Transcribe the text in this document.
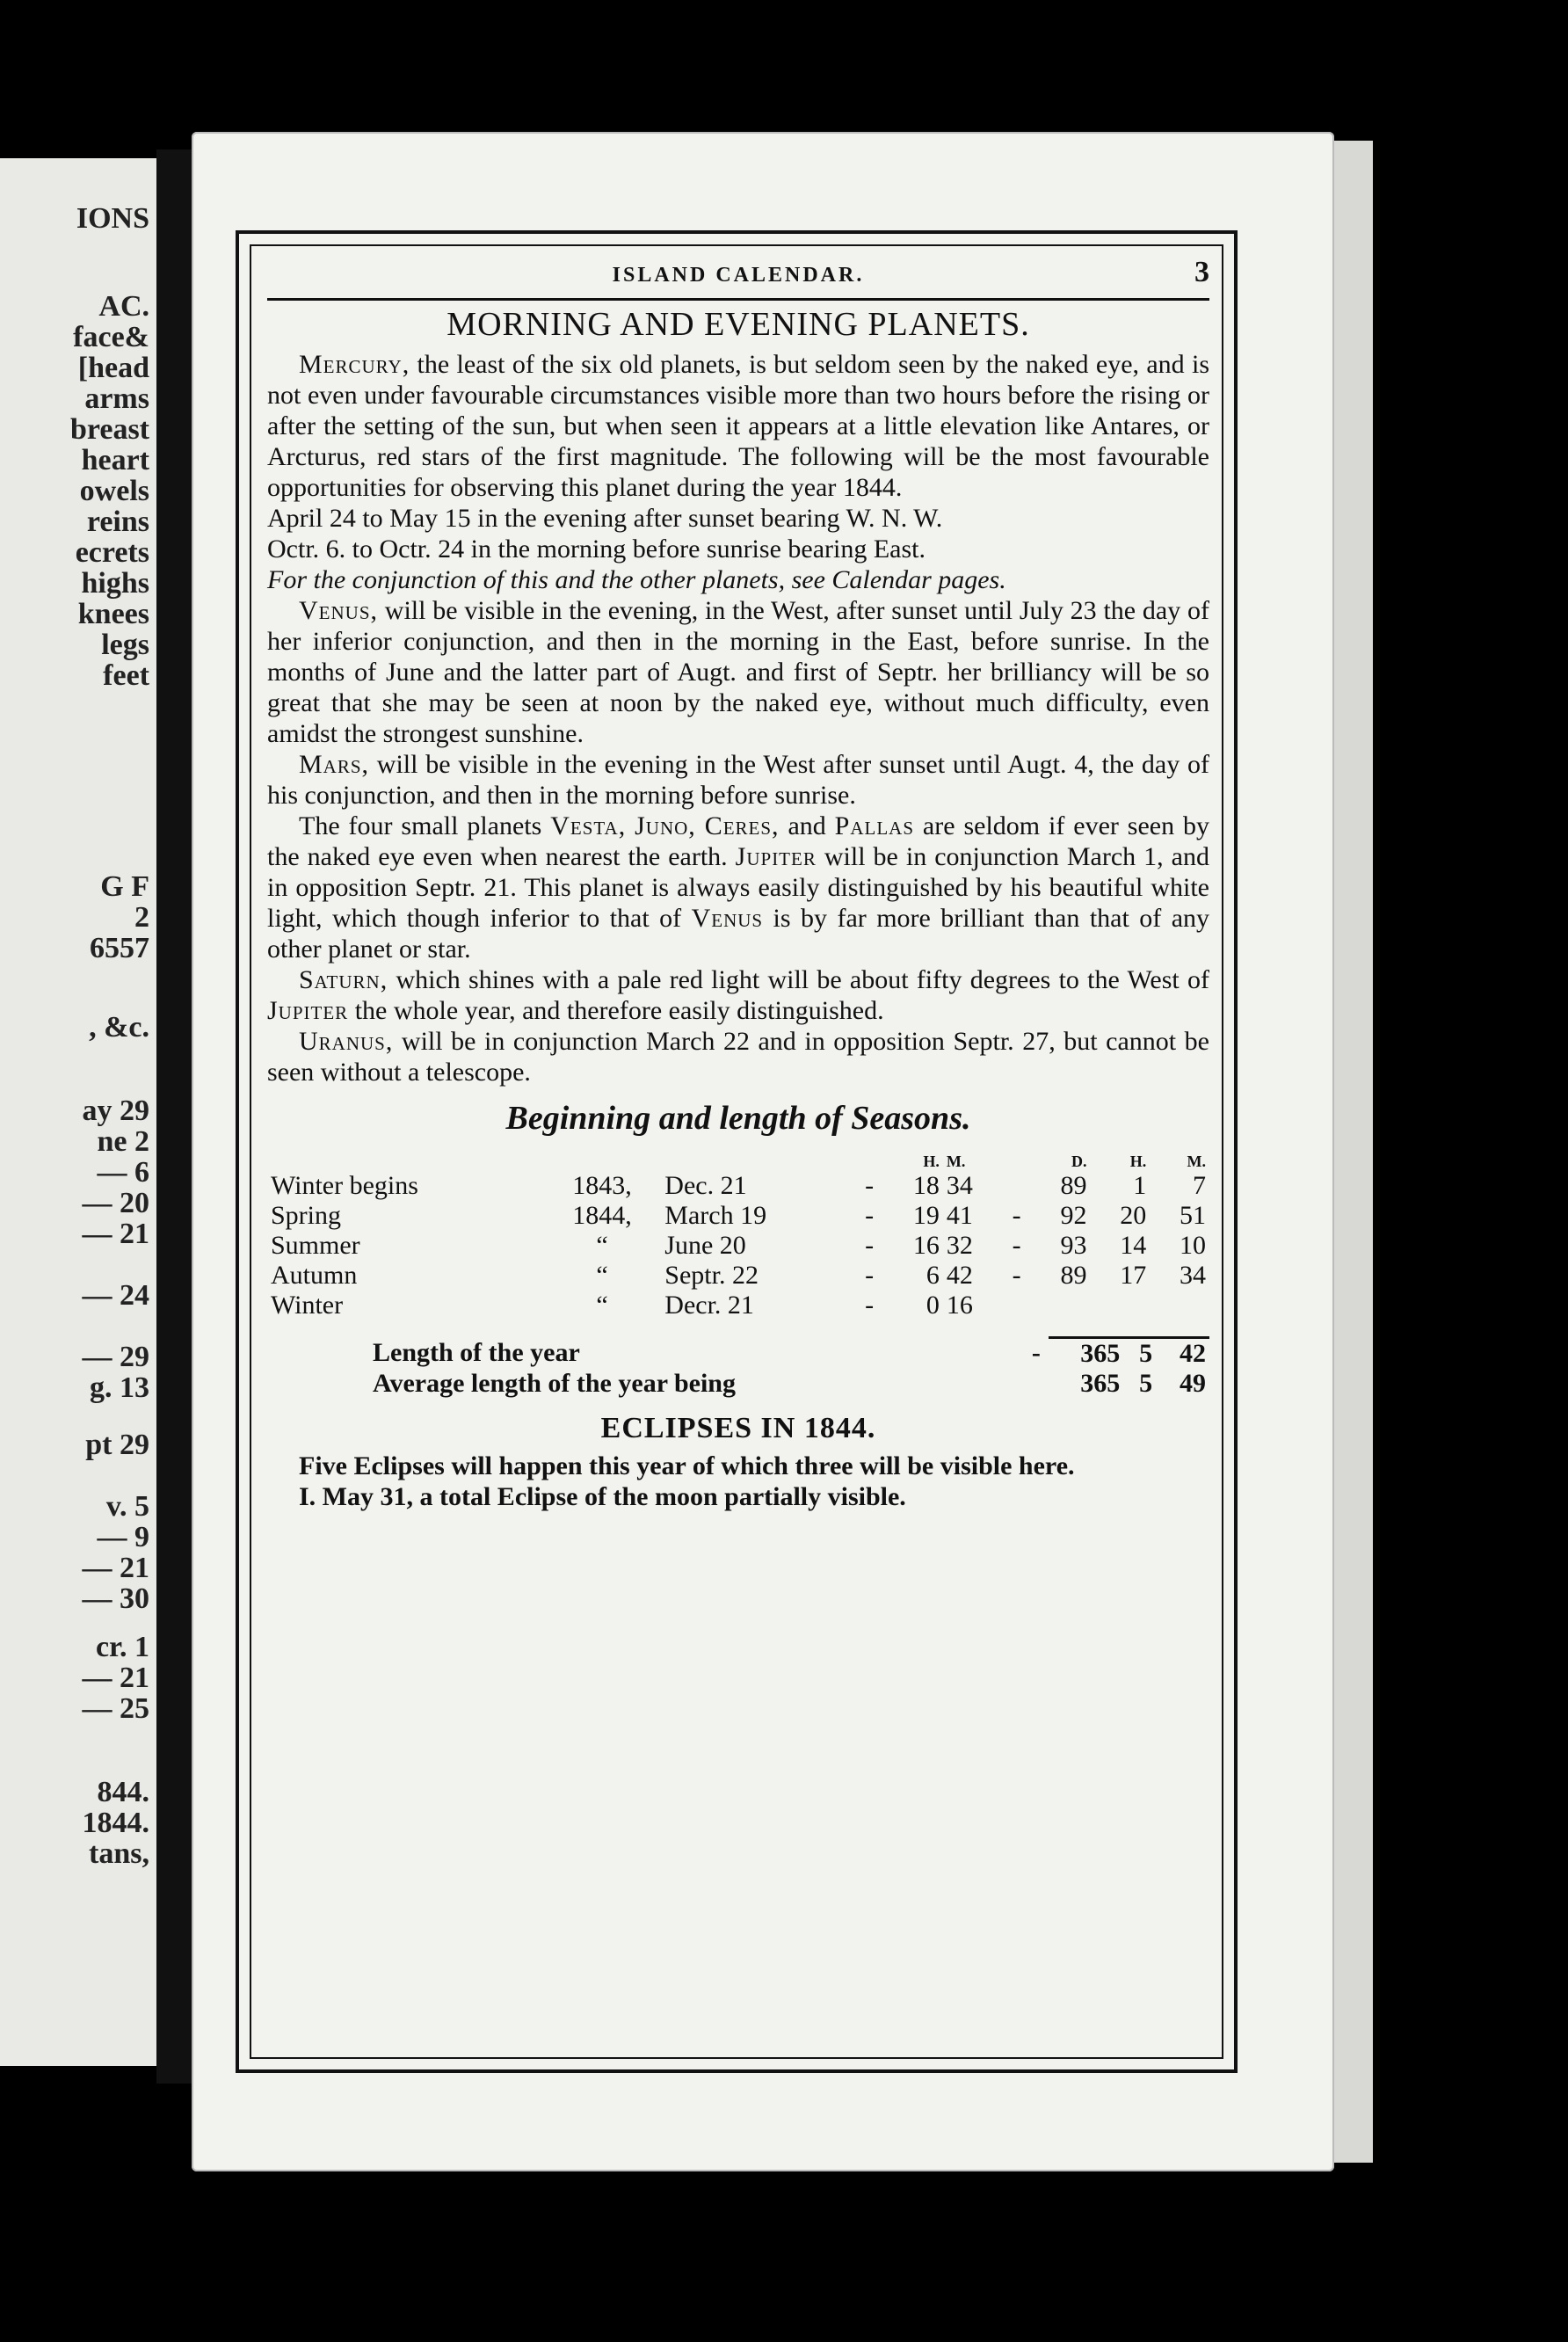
IONS
AC.
face&
[head
arms
breast
heart
owels
reins
ecrets
highs
knees
legs
feet
G F
2
6557
, &c.
ay 29
ne 2
— 6
— 20
— 21
— 24
— 29
g. 13
pt 29
v. 5
— 9
— 21
— 30
cr. 1
— 21
— 25
844.
1844.
tans,
ISLAND CALENDAR.	3
MORNING AND EVENING PLANETS.

Mercury, the least of the six old planets, is but seldom seen by the naked eye, and is not even under favourable circumstances visible more than two hours before the rising or after the setting of the sun, but when seen it appears at a little elevation like Antares, or Arcturus, red stars of the first magnitude. The following will be the most favourable opportunities for observing this planet during the year 1844.

April 24 to May 15 in the evening after sunset bearing W. N. W.

Octr. 6. to Octr. 24 in the morning before sunrise bearing East.

For the conjunction of this and the other planets, see Calendar pages.

Venus, will be visible in the evening, in the West, after sunset until July 23 the day of her inferior conjunction, and then in the morning in the East, before sunrise. In the months of June and the latter part of Augt. and first of Septr. her brilliancy will be so great that she may be seen at noon by the naked eye, without much difficulty, even amidst the strongest sunshine.

Mars, will be visible in the evening in the West after sunset until Augt. 4, the day of his conjunction, and then in the morning before sunrise.

The four small planets Vesta, Juno, Ceres, and Pallas are seldom if ever seen by the naked eye even when nearest the earth. Jupiter will be in conjunction March 1, and in opposition Septr. 21. This planet is always easily distinguished by his beautiful white light, which though inferior to that of Venus is by far more brilliant than that of any other planet or star.

Saturn, which shines with a pale red light will be about fifty degrees to the West of Jupiter the whole year, and therefore easily distinguished.

Uranus, will be in conjunction March 22 and in opposition Septr. 27, but cannot be seen without a telescope.

Beginning and length of Seasons.
				H.	M.		D.	H.	M.
Winter begins	1843,	Dec. 21	-	18	34		89	1	7
Spring	1844,	March 19	-	19	41	-	92	20	51
Summer	“	June 20	-	16	32	-	93	14	10
Autumn	“	Septr. 22	-	6	42	-	89	17	34
Winter	“	Decr. 21	-	0	16				
Length of the year	-	365	5	42
Average length of the year being		365	5	49
ECLIPSES IN 1844.

Five Eclipses will happen this year of which three will be visible here.

I. May 31, a total Eclipse of the moon partially visible.
